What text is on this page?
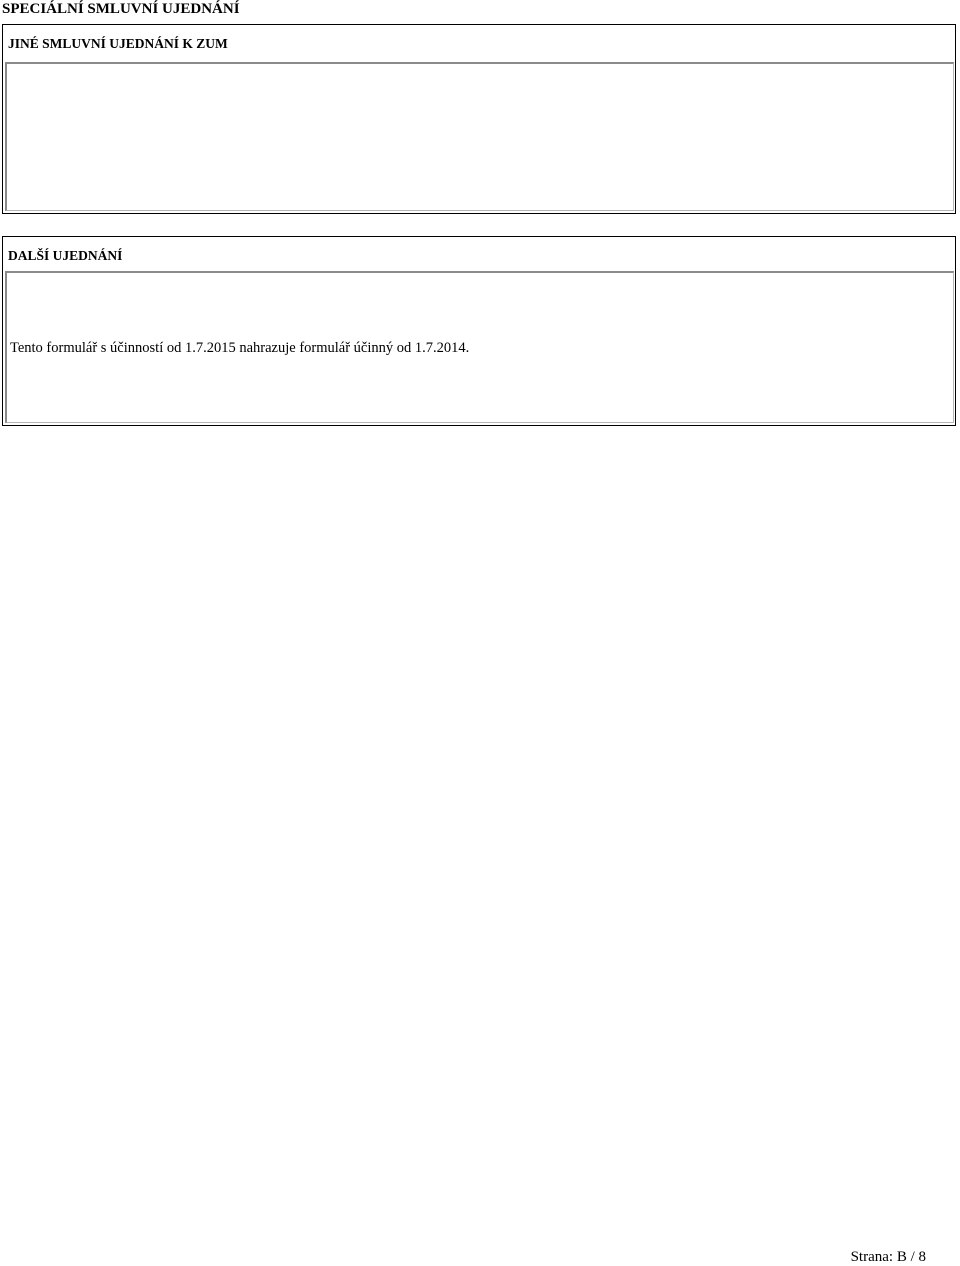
SPECIÁLNÍ SMLUVNÍ UJEDNÁNÍ
JINÉ SMLUVNÍ UJEDNÁNÍ K ZUM
DALŠÍ UJEDNÁNÍ
Tento formulář s účinností od 1.7.2015 nahrazuje formulář účinný od 1.7.2014.
Strana: B / 8
